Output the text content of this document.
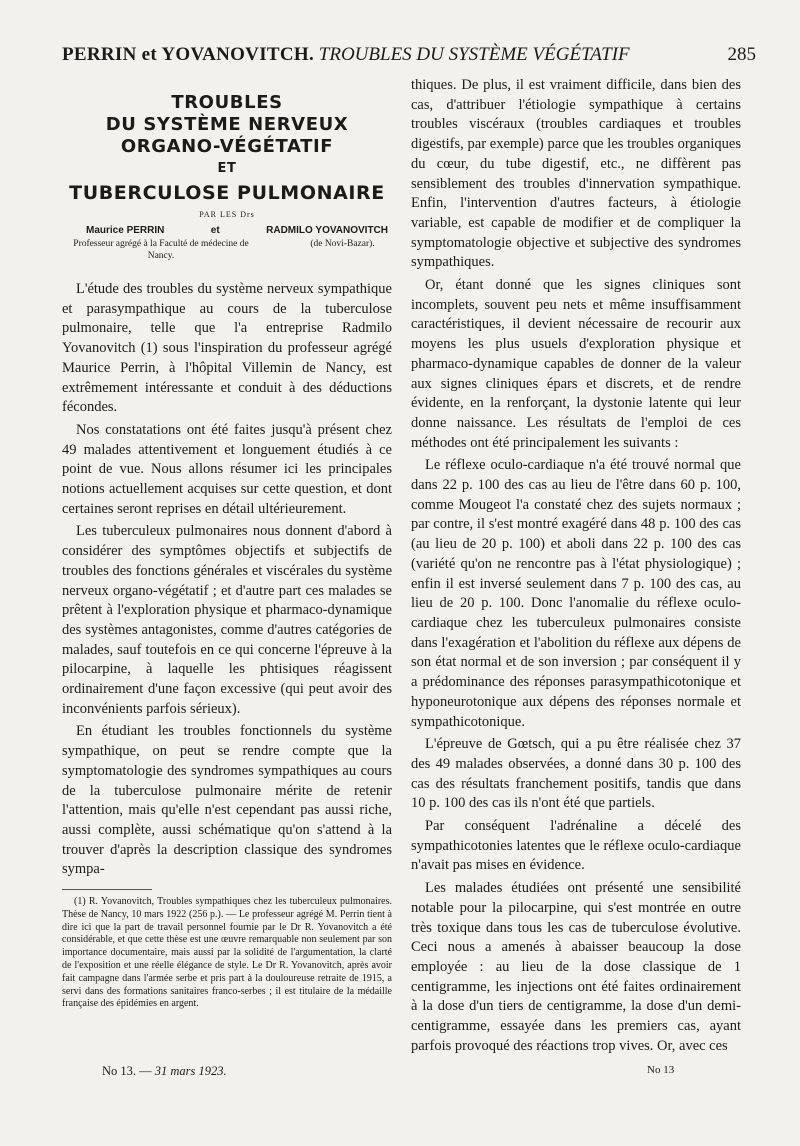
PERRIN et YOVANOVITCH. TROUBLES DU SYSTÈME VÉGÉTATIF	285
TROUBLES
DU SYSTÈME NERVEUX
ORGANO-VÉGÉTATIF
ET
TUBERCULOSE PULMONAIRE
PAR LES Drs
Maurice PERRIN	et	RADMILO YOVANOVITCH
Professeur agrégé à la Faculté de médecine de Nancy.
(de Novi-Bazar).

L'étude des troubles du système nerveux sympathique et parasympathique au cours de la tuberculose pulmonaire, telle que l'a entreprise Radmilo Yovanovitch (1) sous l'inspiration du professeur agrégé Maurice Perrin, à l'hôpital Villemin de Nancy, est extrêmement intéressante et conduit à des déductions fécondes.

Nos constatations ont été faites jusqu'à présent chez 49 malades attentivement et longuement étudiés à ce point de vue. Nous allons résumer ici les principales notions actuellement acquises sur cette question, et dont certaines seront reprises en détail ultérieurement.

Les tuberculeux pulmonaires nous donnent d'abord à considérer des symptômes objectifs et subjectifs de troubles des fonctions générales et viscérales du système nerveux organo-végétatif ; et d'autre part ces malades se prêtent à l'exploration physique et pharmaco-dynamique des systèmes antagonistes, comme d'autres catégories de malades, sauf toutefois en ce qui concerne l'épreuve à la pilocarpine, à laquelle les phtisiques réagissent ordinairement d'une façon excessive (qui peut avoir des inconvénients parfois sérieux).

En étudiant les troubles fonctionnels du système sympathique, on peut se rendre compte que la symptomatologie des syndromes sympathiques au cours de la tuberculose pulmonaire mérite de retenir l'attention, mais qu'elle n'est cependant pas aussi riche, aussi complète, aussi schématique qu'on s'attend à la trouver d'après la description classique des syndromes sympa-

(1) R. Yovanovitch, Troubles sympathiques chez les tuberculeux pulmonaires. Thèse de Nancy, 10 mars 1922 (256 p.). — Le professeur agrégé M. Perrin tient à dire ici que la part de travail personnel fournie par le Dr R. Yovanovitch a été considérable, et que cette thèse est une œuvre remarquable non seulement par son importance documentaire, mais aussi par la solidité de l'argumentation, la clarté de l'exposition et une réelle élégance de style. Le Dr R. Yovanovitch, après avoir fait campagne dans l'armée serbe et pris part à la douloureuse retraite de 1915, a servi dans des formations sanitaires franco-serbes ; il est titulaire de la médaille française des épidémies en argent.

thiques. De plus, il est vraiment difficile, dans bien des cas, d'attribuer l'étiologie sympathique à certains troubles viscéraux (troubles cardiaques et troubles digestifs, par exemple) parce que les troubles organiques du cœur, du tube digestif, etc., ne diffèrent pas sensiblement des troubles d'innervation sympathique. Enfin, l'intervention d'autres facteurs, à étiologie variable, est capable de modifier et de compliquer la symptomatologie objective et subjective des syndromes sympathiques.

Or, étant donné que les signes cliniques sont incomplets, souvent peu nets et même insuffisamment caractéristiques, il devient nécessaire de recourir aux moyens les plus usuels d'exploration physique et pharmaco-dynamique capables de donner de la valeur aux signes cliniques épars et discrets, et de rendre évidente, en la renforçant, la dystonie latente qui leur donne naissance. Les résultats de l'emploi de ces méthodes ont été principalement les suivants :

Le réflexe oculo-cardiaque n'a été trouvé normal que dans 22 p. 100 des cas au lieu de l'être dans 60 p. 100, comme Mougeot l'a constaté chez des sujets normaux ; par contre, il s'est montré exagéré dans 48 p. 100 des cas (au lieu de 20 p. 100) et aboli dans 22 p. 100 des cas (variété qu'on ne rencontre pas à l'état physiologique) ; enfin il est inversé seulement dans 7 p. 100 des cas, au lieu de 20 p. 100. Donc l'anomalie du réflexe oculo-cardiaque chez les tuberculeux pulmonaires consiste dans l'exagération et l'abolition du réflexe aux dépens de son état normal et de son inversion ; par conséquent il y a prédominance des réponses parasympathicotonique et hyponeurotonique aux dépens des réponses normale et sympathicotonique.

L'épreuve de Gœtsch, qui a pu être réalisée chez 37 des 49 malades observées, a donné dans 30 p. 100 des cas des résultats franchement positifs, tandis que dans 10 p. 100 des cas ils n'ont été que partiels.

Par conséquent l'adrénaline a décelé des sympathicotonies latentes que le réflexe oculo-cardiaque n'avait pas mises en évidence.

Les malades étudiées ont présenté une sensibilité notable pour la pilocarpine, qui s'est montrée en outre très toxique dans tous les cas de tuberculose évolutive. Ceci nous a amenés à abaisser beaucoup la dose employée : au lieu de la dose classique de 1 centigramme, les injections ont été faites ordinairement à la dose d'un tiers de centigramme, la dose d'un demi-centigramme, essayée dans les premiers cas, ayant parfois provoqué des réactions trop vives. Or, avec ces

No 13. — 31 mars 1923.	No 13
